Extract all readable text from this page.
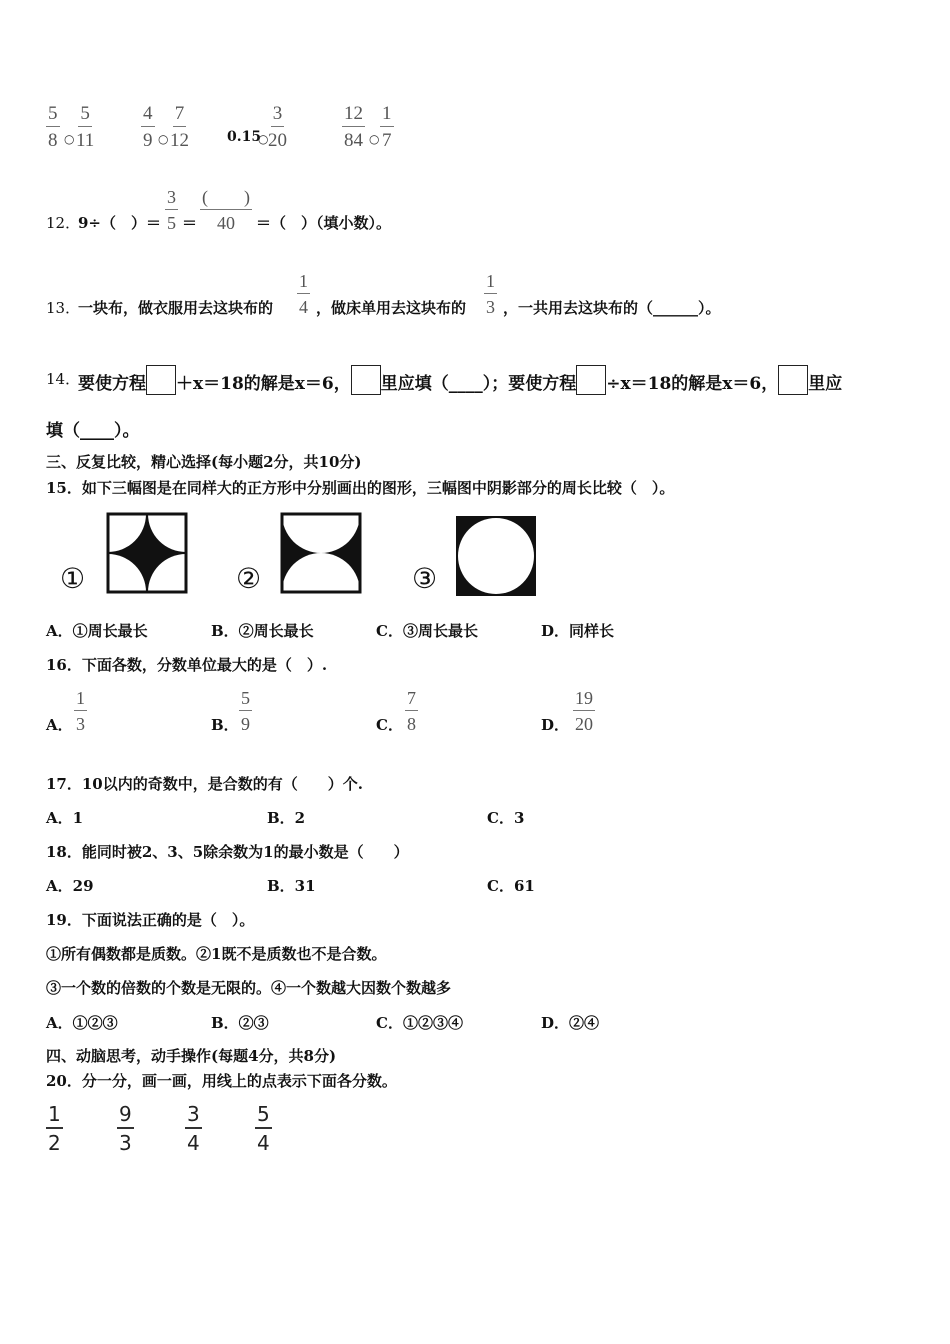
$\frac{5}{8}$ ○ $\frac{5}{11} \frac{4}{9}$ ○ $\frac{7}{12}$	0.15
○ $\frac{3}{20}$	$\frac{12}{84}$ ○ $\frac{1}{7}$
12．
9÷（　）＝ $\frac{3}{5}$ ＝
(　　)
40 ＝（　）（填小数）。
13．
一块布，做衣服用去这块布的 $\frac{1}{4}$ ，做床单用去这块布的 $\frac{1}{3}$ ，一共用去这块布的（______）。
14．
要使方程 ＋x＝18的解是x＝6， 里应填（____）；要使方程 ÷x＝18的解是x＝6， 里应
填（____）。
三、反复比较，精心选择(每小题2分，共10分)
15．如下三幅图是在同样大的正方形中分别画出的图形，三幅图中阴影部分的周长比较（　）。
①	②	③
A．①周长最长	B．②周长最长	C．③周长最长	D．同样长
16．下面各数，分数单位最大的是（　）.
A． $\frac{1}{3}$	B． $\frac{5}{9}$	C． $\frac{7}{8}$	D． $\frac{19}{20}$
17．10以内的奇数中，是合数的有（　　）个.
A．1	B．2	C．3
18．能同时被2、3、5除余数为1的最小数是（　　）
A．29	B．31	C．61
19．下面说法正确的是（　）。
①所有偶数都是质数。②1既不是质数也不是合数。
③一个数的倍数的个数是无限的。④一个数越大因数个数越多
A．①②③	B．②③	C．①②③④	D．②④
四、动脑思考，动手操作(每题4分，共8分)
20．分一分，画一画，用线上的点表示下面各分数。
$\frac{1}{2}$	$\frac{9}{3}$	$\frac{3}{4}$	$\frac{5}{4}$
